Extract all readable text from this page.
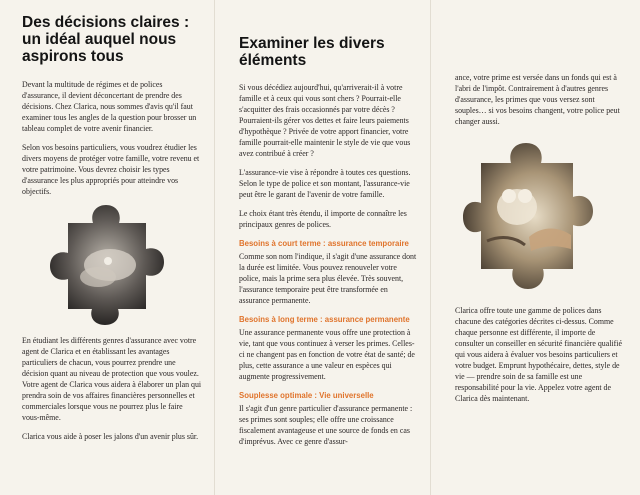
Des décisions claires : un idéal auquel nous aspirons tous

Devant la multitude de régimes et de polices d'assurance, il devient déconcertant de prendre des décisions. Chez Clarica, nous sommes d'avis qu'il faut examiner tous les angles de la question pour brosser un tableau complet de votre avenir financier.

Selon vos besoins particuliers, vous voudrez étudier les divers moyens de protéger votre famille, votre revenu et votre patrimoine. Vous devrez choisir les types d'assurance les plus appropriés pour atteindre vos objectifs.

En étudiant les différents genres d'assurance avec votre agent de Clarica et en établissant les avantages particuliers de chacun, vous pourrez prendre une décision quant au niveau de protection que vous voulez. Votre agent de Clarica vous aidera à élaborer un plan qui prendra soin de vos affaires financières personnelles et commerciales lorsque vous ne pourrez plus le faire vous-même.

Clarica vous aide à poser les jalons d'un avenir plus sûr.

Examiner les divers éléments

Si vous décédiez aujourd'hui, qu'arriverait-il à votre famille et à ceux qui vous sont chers ? Pourrait-elle s'acquitter des frais occasionnés par votre décès ? Pourraient-ils gérer vos dettes et faire leurs paiements d'hypothèque ? Privée de votre apport financier, votre famille pourrait-elle maintenir le style de vie que vous avez contribué à créer ?

L'assurance-vie vise à répondre à toutes ces questions. Selon le type de police et son montant, l'assurance-vie peut être le garant de l'avenir de votre famille.

Le choix étant très étendu, il importe de connaître les principaux genres de polices.

Besoins à court terme : assurance temporaire

Comme son nom l'indique, il s'agit d'une assurance dont la durée est limitée. Vous pouvez renouveler votre police, mais la prime sera plus élevée. Très souvent, l'assurance temporaire peut être transformée en assurance permanente.

Besoins à long terme : assurance permanente

Une assurance permanente vous offre une protection à vie, tant que vous continuez à verser les primes. Celles-ci ne changent pas en fonction de votre état de santé; de plus, cette assurance a une valeur en espèces qui augmente progressivement.

Souplesse optimale : Vie universelle

Il s'agit d'un genre particulier d'assurance permanente : ses primes sont souples; elle offre une croissance fiscalement avantageuse et une source de fonds en cas d'imprévus. Avec ce genre d'assur-

ance, votre prime est versée dans un fonds qui est à l'abri de l'impôt. Contrairement à d'autres genres d'assurance, les primes que vous versez sont souples… si vos besoins changent, votre police peut changer aussi.

Clarica offre toute une gamme de polices dans chacune des catégories décrites ci-dessus. Comme chaque personne est différente, il importe de consulter un conseiller en sécurité financière qualifié qui vous aidera à évaluer vos besoins particuliers et votre budget. Emprunt hypothécaire, dettes, style de vie — prendre soin de sa famille est une responsabilité pour la vie. Appelez votre agent de Clarica dès maintenant.
